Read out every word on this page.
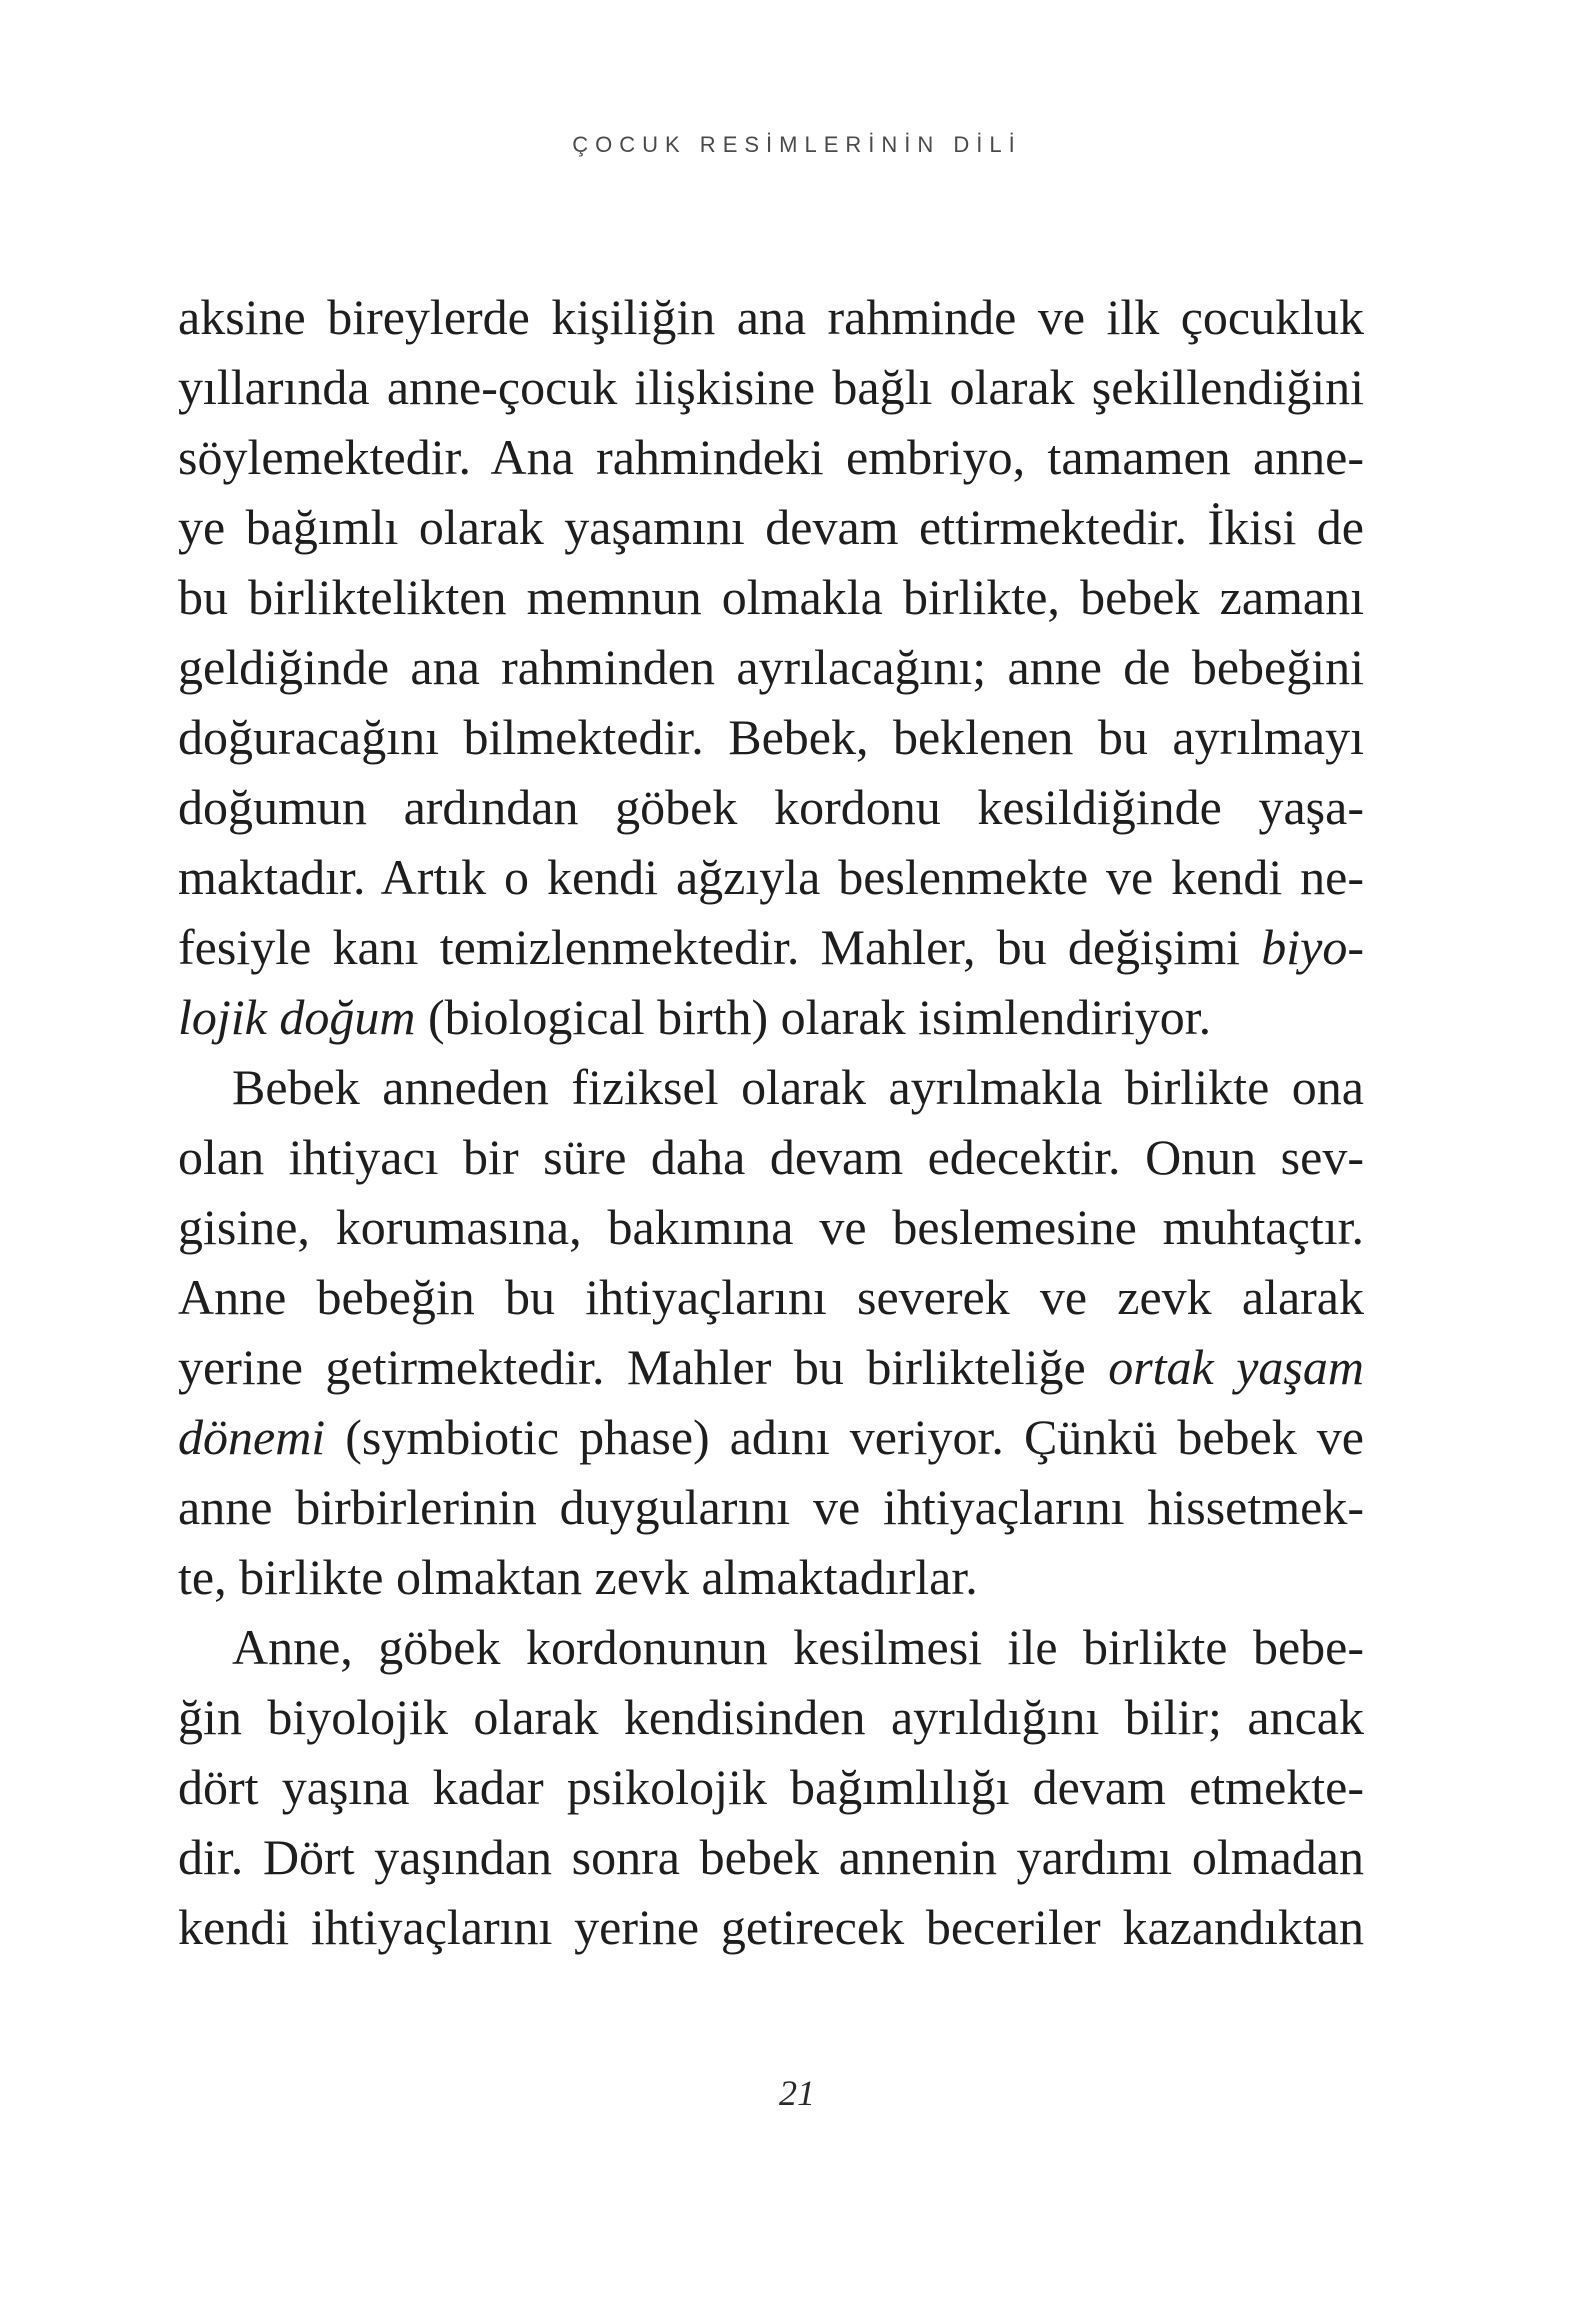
ÇOCUK RESİMLERİNİN DİLİ

aksine bireylerde kişiliğin ana rahminde ve ilk çocukluk
yıllarında anne-çocuk ilişkisine bağlı olarak şekillendiğini
söylemektedir. Ana rahmindeki embriyo, tamamen anne-
ye bağımlı olarak yaşamını devam ettirmektedir. İkisi de
bu birliktelikten memnun olmakla birlikte, bebek zamanı
geldiğinde ana rahminden ayrılacağını; anne de bebeğini
doğuracağını bilmektedir. Bebek, beklenen bu ayrılmayı
doğumun ardından göbek kordonu kesildiğinde yaşa-
maktadır. Artık o kendi ağzıyla beslenmekte ve kendi ne-
fesiyle kanı temizlenmektedir. Mahler, bu değişimi biyo-
lojik doğum (biological birth) olarak isimlendiriyor.
Bebek anneden fiziksel olarak ayrılmakla birlikte ona
olan ihtiyacı bir süre daha devam edecektir. Onun sev-
gisine, korumasına, bakımına ve beslemesine muhtaçtır.
Anne bebeğin bu ihtiyaçlarını severek ve zevk alarak
yerine getirmektedir. Mahler bu birlikteliğe ortak yaşam
dönemi (symbiotic phase) adını veriyor. Çünkü bebek ve
anne birbirlerinin duygularını ve ihtiyaçlarını hissetmek-
te, birlikte olmaktan zevk almaktadırlar.
Anne, göbek kordonunun kesilmesi ile birlikte bebe-
ğin biyolojik olarak kendisinden ayrıldığını bilir; ancak
dört yaşına kadar psikolojik bağımlılığı devam etmekte-
dir. Dört yaşından sonra bebek annenin yardımı olmadan
kendi ihtiyaçlarını yerine getirecek beceriler kazandıktan

21
